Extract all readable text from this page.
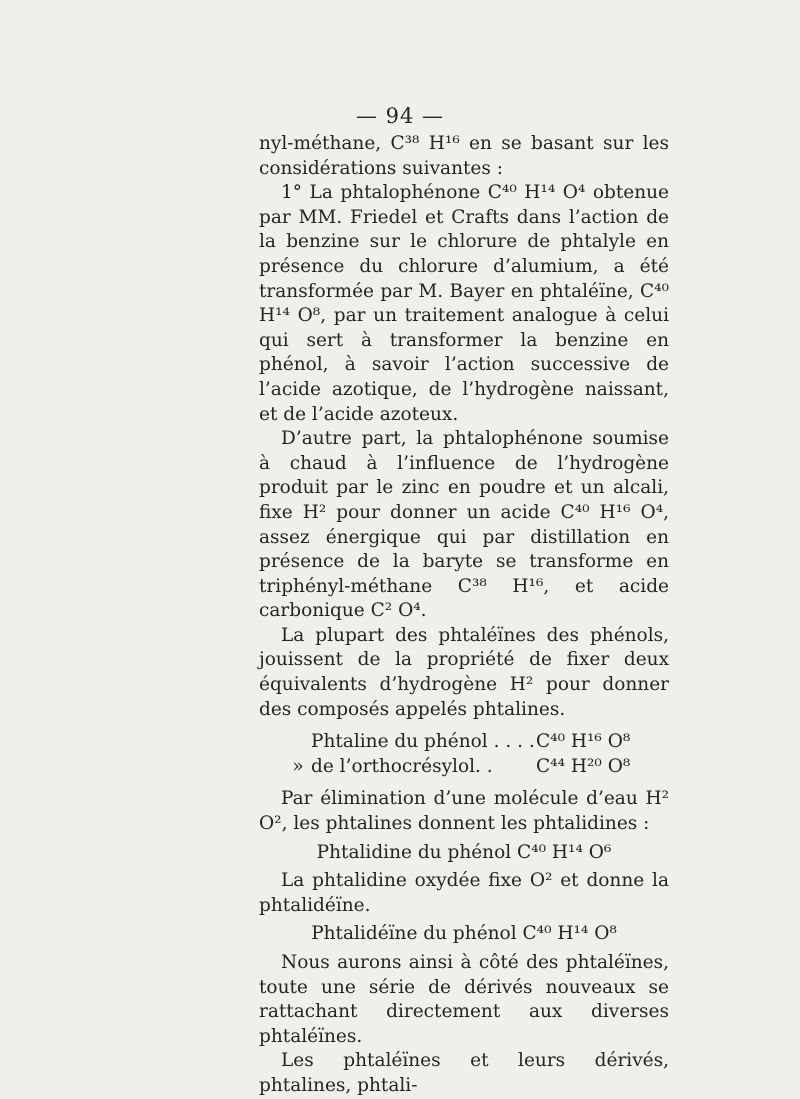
— 94 —

nyl-méthane, C³⁸ H¹⁶ en se basant sur les considérations suivantes :

1° La phtalophénone C⁴⁰ H¹⁴ O⁴ obtenue par MM. Friedel et Crafts dans l’action de la benzine sur le chlorure de phtalyle en présence du chlorure d’alumium, a été transformée par M. Bayer en phtaléïne, C⁴⁰ H¹⁴ O⁸, par un traitement analogue à celui qui sert à transformer la benzine en phénol, à savoir l’action successive de l’acide azotique, de l’hydrogène naissant, et de l’acide azoteux.

D’autre part, la phtalophénone soumise à chaud à l’influence de l’hydrogène produit par le zinc en poudre et un alcali, fixe H² pour donner un acide C⁴⁰ H¹⁶ O⁴, assez énergique qui par distillation en présence de la baryte se transforme en triphényl-méthane C³⁸ H¹⁶, et acide carbonique C² O⁴.

La plupart des phtaléïnes des phénols, jouissent de la propriété de fixer deux équivalents d’hydrogène H² pour donner des composés appelés phtalines.

Phtaline du phénol . . . . C⁴⁰ H¹⁶ O⁸
» de l’orthocrésylol. .	C⁴⁴ H²⁰ O⁸

Par élimination d’une molécule d’eau H² O², les phtalines donnent les phtalidines :

Phtalidine du phénol C⁴⁰ H¹⁴ O⁶

La phtalidine oxydée fixe O² et donne la phtalidéïne.

Phtalidéïne du phénol C⁴⁰ H¹⁴ O⁸

Nous aurons ainsi à côté des phtaléïnes, toute une série de dérivés nouveaux se rattachant directement aux diverses phtaléïnes.

Les phtaléïnes et leurs dérivés, phtalines, phtali-
